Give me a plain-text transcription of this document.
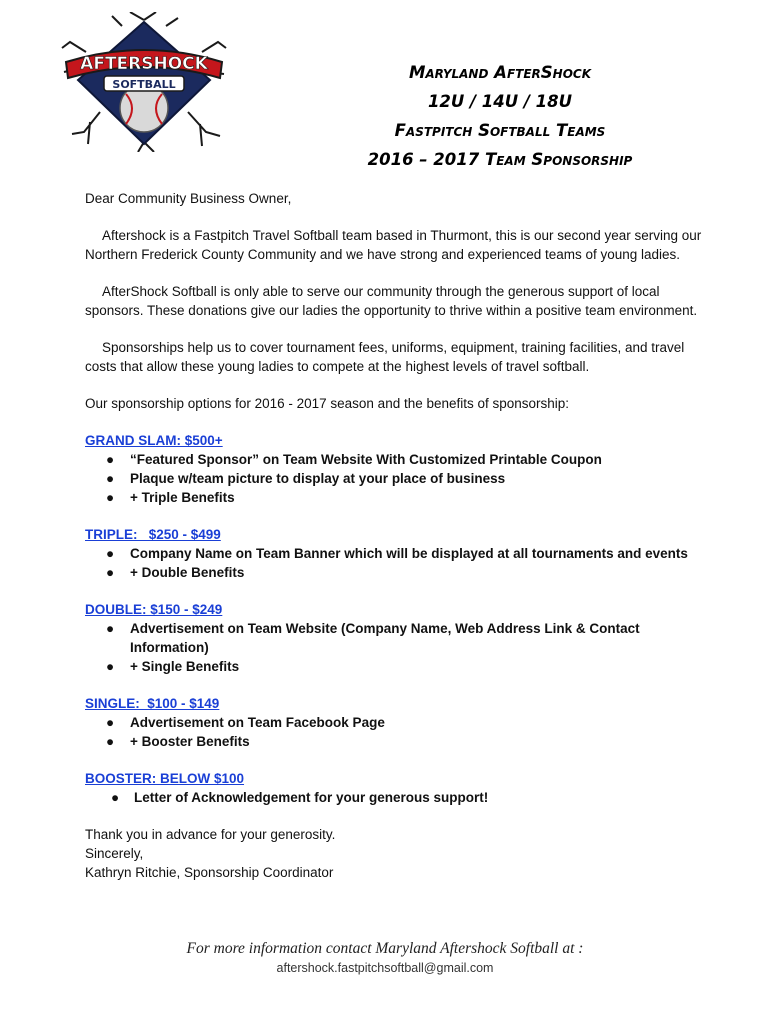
AFTERSHOCK
SOFTBALL
Maryland AfterShock
12U / 14U / 18U
Fastpitch Softball Teams
2016 – 2017 Team Sponsorship

Dear Community Business Owner,

Aftershock is a Fastpitch Travel Softball team based in Thurmont, this is our second year serving our Northern Frederick County Community and we have strong and experienced teams of young ladies.

AfterShock Softball is only able to serve our community through the generous support of local sponsors. These donations give our ladies the opportunity to thrive within a positive team environment.

Sponsorships help us to cover tournament fees, uniforms, equipment, training facilities, and travel costs that allow these young ladies to compete at the highest levels of travel softball.

Our sponsorship options for 2016 - 2017 season and the benefits of sponsorship:

GRAND SLAM: $500+
● “Featured Sponsor” on Team Website With Customized Printable Coupon
● Plaque w/team picture to display at your place of business
● + Triple Benefits
TRIPLE:   $250 - $499
● Company Name on Team Banner which will be displayed at all tournaments and events
● + Double Benefits
DOUBLE: $150 - $249
● Advertisement on Team Website (Company Name, Web Address Link & Contact Information)
● + Single Benefits
SINGLE:  $100 - $149
● Advertisement on Team Facebook Page
● + Booster Benefits
BOOSTER: BELOW $100
● Letter of Acknowledgement for your generous support!
Thank you in advance for your generosity.
Sincerely,
Kathryn Ritchie, Sponsorship Coordinator
For more information contact Maryland Aftershock Softball at :
aftershock.fastpitchsoftball@gmail.com
